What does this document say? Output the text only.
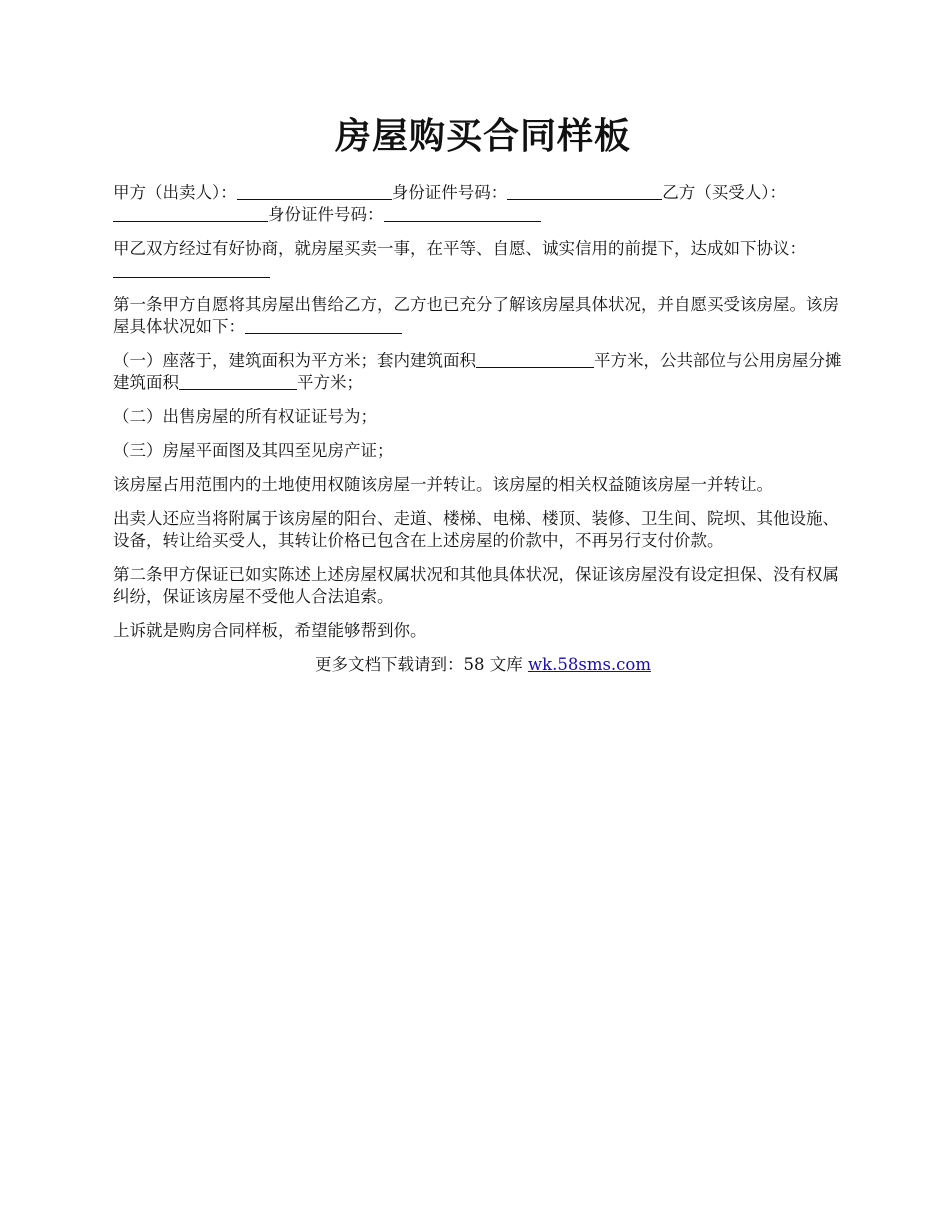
房屋购买合同样板

甲方（出卖人）：	身份证件号码：	乙方（买受人）：身份证件号码：

甲乙双方经过有好协商，就房屋买卖一事，在平等、自愿、诚实信用的前提下，达成如下协议：

第一条甲方自愿将其房屋出售给乙方，乙方也已充分了解该房屋具体状况，并自愿买受该房屋。该房屋具体状况如下：

（一）座落于，建筑面积为平方米；套内建筑面积	平方米，公共部位与公用房屋分摊建筑面积	平方米；

（二）出售房屋的所有权证证号为；

（三）房屋平面图及其四至见房产证；

该房屋占用范围内的土地使用权随该房屋一并转让。该房屋的相关权益随该房屋一并转让。

出卖人还应当将附属于该房屋的阳台、走道、楼梯、电梯、楼顶、装修、卫生间、院坝、其他设施、设备，转让给买受人，其转让价格已包含在上述房屋的价款中，不再另行支付价款。

第二条甲方保证已如实陈述上述房屋权属状况和其他具体状况，保证该房屋没有设定担保、没有权属纠纷，保证该房屋不受他人合法追索。

上诉就是购房合同样板，希望能够帮到你。

更多文档下载请到：58 文库 wk.58sms.com
